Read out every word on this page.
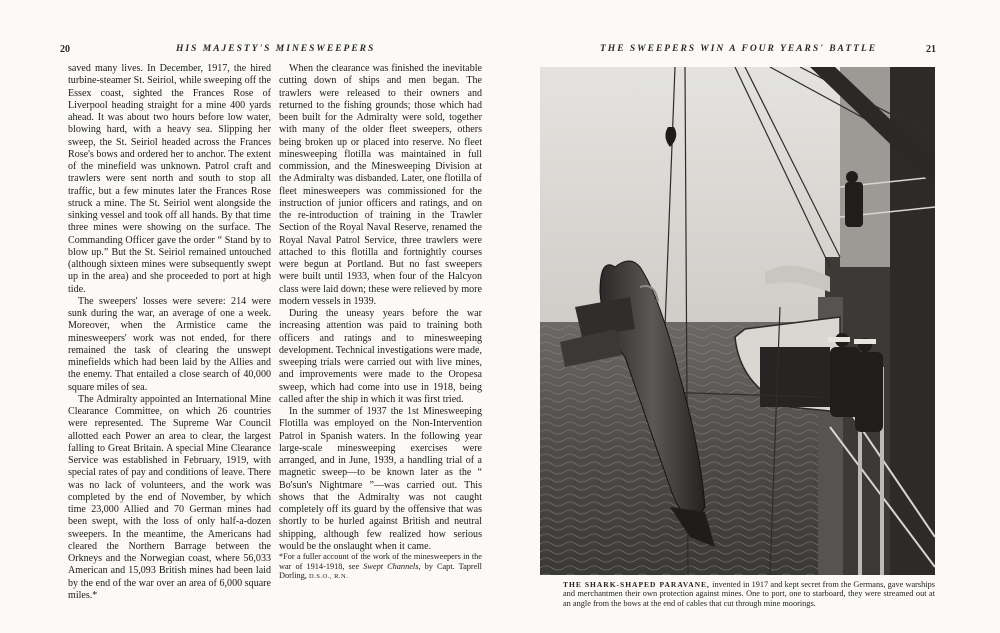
20	HIS MAJESTY'S MINESWEEPERS	THE SWEEPERS WIN A FOUR YEARS' BATTLE	21

saved many lives. In December, 1917, the hired turbine-steamer St. Seiriol, while sweeping off the Essex coast, sighted the Frances Rose of Liverpool heading straight for a mine 400 yards ahead. It was about two hours before low water, blowing hard, with a heavy sea. Slipping her sweep, the St. Seiriol headed across the Frances Rose's bows and ordered her to anchor. The extent of the minefield was unknown. Patrol craft and trawlers were sent north and south to stop all traffic, but a few minutes later the Frances Rose struck a mine. The St. Seiriol went alongside the sinking vessel and took off all hands. By that time three mines were showing on the surface. The Commanding Officer gave the order “ Stand by to blow up.” But the St. Seiriol remained untouched (although sixteen mines were subsequently swept up in the area) and she proceeded to port at high tide.

The sweepers' losses were severe: 214 were sunk during the war, an average of one a week. Moreover, when the Armistice came the minesweepers' work was not ended, for there remained the task of clearing the unswept minefields which had been laid by the Allies and the enemy. That entailed a close search of 40,000 square miles of sea.

The Admiralty appointed an International Mine Clearance Committee, on which 26 countries were represented. The Supreme War Council allotted each Power an area to clear, the largest falling to Great Britain. A special Mine Clearance Service was established in February, 1919, with special rates of pay and conditions of leave. There was no lack of volunteers, and the work was completed by the end of November, by which time 23,000 Allied and 70 German mines had been swept, with the loss of only half-a-dozen sweepers. In the meantime, the Americans had cleared the Northern Barrage between the Orkneys and the Norwegian coast, where 56,033 American and 15,093 British mines had been laid by the end of the war over an area of 6,000 square miles.*

When the clearance was finished the inevitable cutting down of ships and men began. The trawlers were released to their owners and returned to the fishing grounds; those which had been built for the Admiralty were sold, together with many of the older fleet sweepers, others being broken up or placed into reserve. No fleet minesweeping flotilla was maintained in full commission, and the Minesweeping Division at the Admiralty was disbanded. Later, one flotilla of fleet minesweepers was commissioned for the instruction of junior officers and ratings, and on the re-introduction of training in the Trawler Section of the Royal Naval Reserve, renamed the Royal Naval Patrol Service, three trawlers were attached to this flotilla and fortnightly courses were begun at Portland. But no fast sweepers were built until 1933, when four of the Halcyon class were laid down; these were relieved by more modern vessels in 1939.

During the uneasy years before the war increasing attention was paid to training both officers and ratings and to minesweeping development. Technical investigations were made, sweeping trials were carried out with live mines, and improvements were made to the Oropesa sweep, which had come into use in 1918, being called after the ship in which it was first tried.

In the summer of 1937 the 1st Minesweeping Flotilla was employed on the Non-Intervention Patrol in Spanish waters. In the following year large-scale minesweeping exercises were arranged, and in June, 1939, a handling trial of a magnetic sweep—to be known later as the “ Bo'sun's Nightmare ”—was carried out. This shows that the Admiralty was not caught completely off its guard by the offensive that was shortly to be hurled against British and neutral shipping, although few realized how serious would be the onslaught when it came.

*For a fuller account of the work of the minesweepers in the war of 1914-1918, see Swept Channels, by Capt. Taprell Dorling, D.S.O., R.N.
THE SHARK-SHAPED PARAVANE, invented in 1917 and kept secret from the Germans, gave warships and merchantmen their own protection against mines. One to port, one to starboard, they were streamed out at an angle from the bows at the end of cables that cut through mine moorings.
